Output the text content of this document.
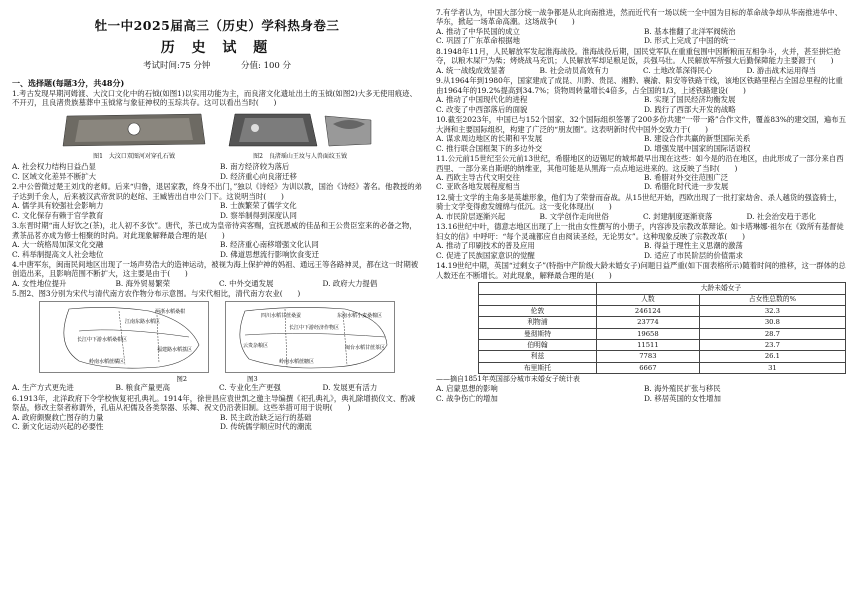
牡一中2025届高三（历史）学科热身卷三
历 史 试 题
考试时间:75 分钟	分值: 100 分
一、选择题(每题3分，共48分)
1.考古发现早期河姆渡、大汶口文化中的石钺(如图1)以实用功能为主，而良渚文化遗址出土的玉钺(如图2)大多无使用痕迹、不开刃，且良渚贵族墓葬中玉钺常与象征神权的玉琮共存。这可以看出当时(　　)
图1　大汶口双图河对穿孔石钺	图2　良渚瑶山王坟与人兽面纹玉钺
A. 社会权力结构日益凸显	B. 南方经济较为落后
C. 区域文化差异不断扩大	D. 经济重心向良渚迁移
2.中公曾徵过楚王刘戊的老师。后来“归鲁，退居家教，终身不出门，”独以《诗经》为训以教，国治《诗经》著名。他教授的弟子达到千余人，后来被汉武帝赏识的赵绾、王臧皆出自申公门下。这说明当时(　　)
A. 儒学具有较强社会影响力	B. 士族繁荣了儒学文化
C. 文化保存有赖于官学教育	D. 察举制得到深度认同
3.东晋时期“南人好饮之(茶)，北人初不多饮”。唐代，茶已成为皇帝待宾客赐，宜抚恩威的佳品和王公贵臣室来的必备之物，煮茶品茗亦成为修士相聚的时尚。对此现象解释最合理的是(　　)
A. 大一统格局加深文化交融	B. 经济重心南移增强文化认同
C. 科举制提高文人社会地位	D. 佛道思想流行影响饮食变迁
4.中唐军东，闽南民间地区出现了一场声势浩大的造神运动，被视为海上保护神的妈祖、通远王等各路神灵，都在这一时期被创造出来，且影响范围不断扩大，这主要是由于(　　)
A. 女性地位提升	B. 海外贸易繁荣	C. 中外交通发展	D. 政府大力提倡
5.图2、图3分别为宋代与清代南方农作物分布示意图。与宋代相比，清代南方农业(　　)
两浙水稻桑柑
江南东路水稻区
长江中下游水稻桑柑区
岭南水稻蔗橘区
福建路水稻荔区
四川水稻甘蔗桑蚕	东南水稻小麦桑棉区
长江中下游经济作物区
云贵杂粮区	闽台水稻甘蔗茶区
岭南水稻蔗糖区
图2	图3
A. 生产方式更先进	B. 粮食产量更高	C. 专业化生产更强	D. 发展更有活力
6.1913年，北洋政府下令学校恢复祀孔典礼。1914年，徐世昌应袁世凯之邀主导编撰《祀孔典礼》，典礼除增损仪文、酌减祭品，修改主祭者称谓外，孔庙从祀儒及各类祭器、乐舞、祝文仍沿袭旧制。这些举措可用于说明(　　)
A. 政府颇聚救亡图存的力量	B. 民主政治缺乏运行的基础
C. 新文化运动兴起的必要性	D. 传统儒学顺应时代的潮流
7.有学者认为，中国大部分统一战争都是从北向南推进，然而近代有一场以统一全中国为目标的革命战争却从华南推进华中、华东，掀起一场革命高潮。这场战争(　　)
A. 推动了中华民国的成立	B. 基本推翻了北洋军阀统治
C. 巩固了广东革命根据地	D. 形式上完成了中国的统一
8.1948年11月，人民解放军发起淮海战役。淮海战役后期，国民党军队在重重包围中因断粮而互相争斗，火并，甚至拼烂抢夺，以粮木屎尸为柴；烤烧战马充饥；人民解放军却足粮足饭，兵强马壮。人民解放军所强大后勤保障能力主要源于(　　)
A. 统一战线成效显著	B. 社会动员高效有力	C. 土地改革深得民心	D. 游击战术运用得当
9.从1964年到1980年，国家建成了成昆、川黔、贵昆、湘黔、襄渝、阳安等铁路干线，该地区铁路里程占全国总里程的比重由1964年的19.2%提高到34.7%；货物周转量增长4倍多，占全国的1/3，上述铁路建设(　　)
A. 推动了中国现代化的进程	B. 实现了国民经济均衡发展
C. 改变了中西部落后的面貌	D. 践行了西部大开发的战略
10.截至2023年，中国已与152个国家、32个国际组织签署了200多份共建“一带一路”合作文件，覆盖83%的建交国，遍布五大洲和主要国际组织，构建了广泛的“朋友圈”。这表明新时代中国外交致力于(　　)
A. 谋求周边地区的长期和平发展	B. 建设合作共赢的新型国际关系
C. 推行联合国框架下的多边外交	D. 增强发展中国家的国际话语权
11.公元前15世纪至公元前13世纪，希腊地区的迈锡尼的城邦最早出现在这些：如今是的沿在地区，由此形成了一部分来自西西里、一部分来自斯堪的纳维亚，其他可能是从黑海一点点地运进来的。这反映了当时(　　)
A. 西欧主导古代文明交往	B. 希腊对外交往范围广泛
C. 亚欧各地发展程度相当	D. 希腊化时代进一步发展
12.骑士文学的主角多是英雄形象，他们为了荣誉而奋战。从15世纪开始，西欧出现了一批打家劫舍、杀人越货的强盗骑士，骑士文学变得愈发缠绵与低沉。这一变化体现出(　　)
A. 市民阶层逐渐兴起	B. 文学创作走向世俗	C. 封建制度逐渐衰落	D. 社会治安趋于恶化
13.16世纪中叶，德意志地区出现了上一批由女性撰写的小册子，内容涉及宗教改革辩论。如卡塔琳娜·祖尔在《致所有基督徒妇女的信》中呼吁：“每个灵魂都应自由阅读圣经，无论男女”。这种现象反映了宗教改革(　　)
A. 推动了印刷技术的普及应用	B. 得益于理性主义思潮的激荡
C. 促进了民族国家意识的觉醒	D. 适应了市民阶层的价值需求
14.19世纪中期，英国“过剩女子”(特指中产阶级大龄未婚女子)问题日益严重(如下面表格所示)随着时间的推移，这一群体的总人数还在不断增长。对此现象，解释最合理的是(　　)
	大龄未婚女子	
	人数	占女性总数的%
伦敦	246124	32.3
利物浦	23774	30.8
曼彻斯特	19658	28.7
伯明翰	11511	23.7
利兹	7783	26.1
布里斯托	6667	31
——摘自1851年英国部分城市未婚女子统计表
A. 启蒙思想的影响	B. 海外殖民扩张与移民
C. 战争伤亡的增加	D. 移居英国的女性增加
